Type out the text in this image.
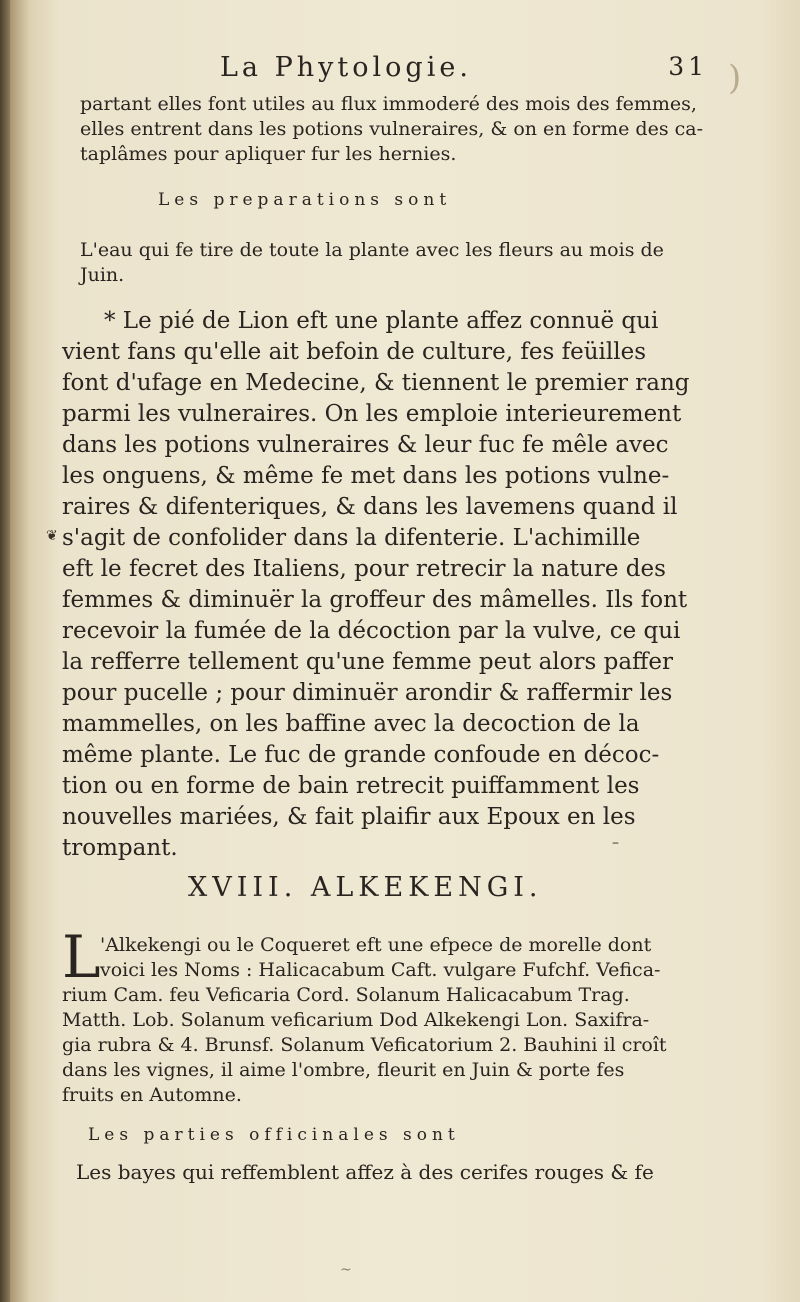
)
La Phytologie.	31
partant elles font utiles au flux immoderé des mois des femmes,
elles entrent dans les potions vulneraires, & on en forme des ca-
taplâmes pour apliquer fur les hernies.
Les preparations sont
L'eau qui fe tire de toute la plante avec les fleurs au mois de
Juin.
* Le pié de Lion eft une plante affez connuë qui
vient fans qu'elle ait befoin de culture, fes feüilles
font d'ufage en Medecine, & tiennent le premier rang
parmi les vulneraires. On les emploie interieurement
dans les potions vulneraires & leur fuc fe mêle avec
les onguens, & même fe met dans les potions vulne-
raires & difenteriques, & dans les lavemens quand il
s'agit de confolider dans la difenterie. L'achimille
eft le fecret des Italiens, pour retrecir la nature des
femmes & diminuër la groffeur des mâmelles. Ils font
recevoir la fumée de la décoction par la vulve, ce qui
la refferre tellement qu'une femme peut alors paffer
pour pucelle ; pour diminuër arondir & raffermir les
mammelles, on les baffine avec la decoction de la
même plante. Le fuc de grande confoude en décoc-
tion ou en forme de bain retrecit puiffamment les
nouvelles mariées, & fait plaifir aux Epoux en les
trompant.
❦
–
XVIII. ALKEKENGI.
L 'Alkekengi ou le Coqueret eft une efpece de morelle dont
voici les Noms : Halicacabum Caft. vulgare Fufchf. Vefica-
rium Cam. feu Veficaria Cord. Solanum Halicacabum Trag.
Matth. Lob. Solanum veficarium Dod Alkekengi Lon. Saxifra-
gia rubra & 4. Brunsf. Solanum Veficatorium 2. Bauhini il croît
dans les vignes, il aime l'ombre, fleurit en Juin & porte fes
fruits en Automne.
Les parties officinales sont
Les bayes qui reffemblent affez à des cerifes rouges & fe
~
